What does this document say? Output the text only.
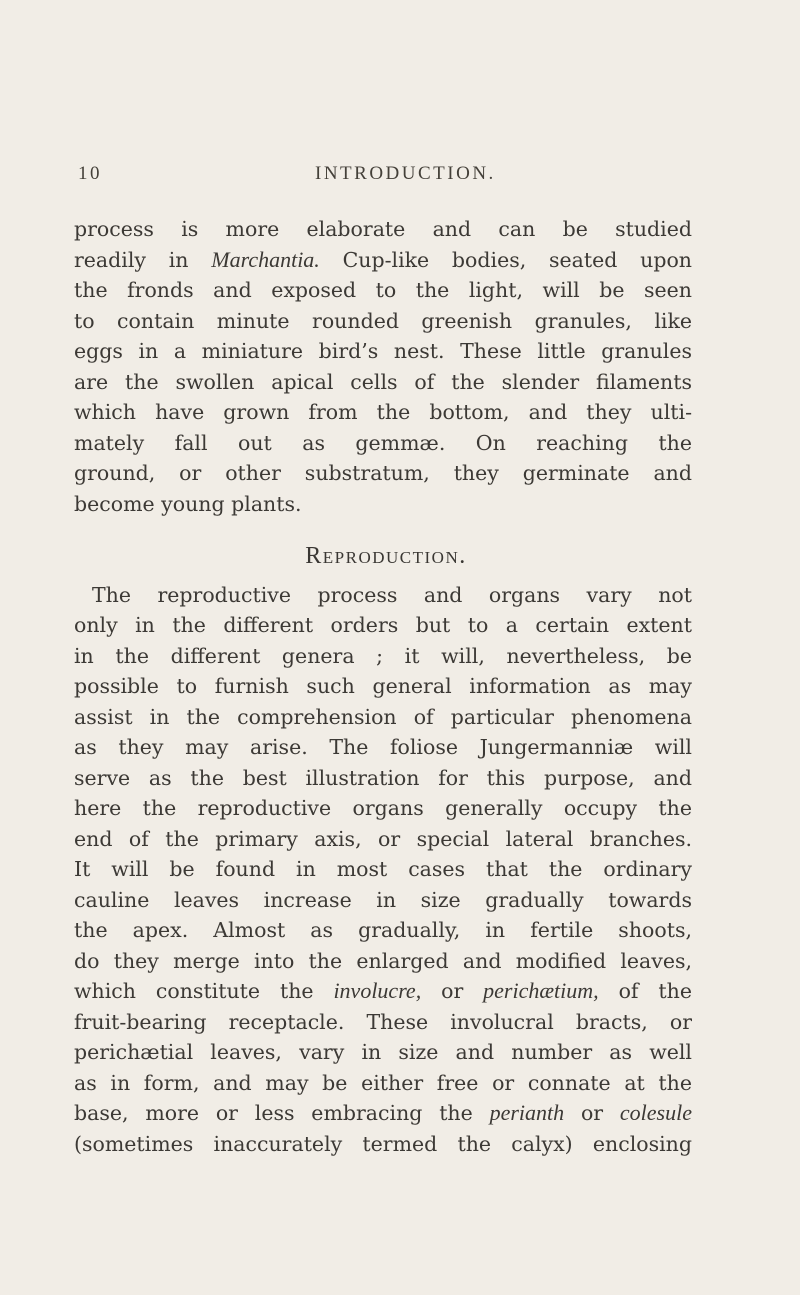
10	INTRODUCTION.
process is more elaborate and can be studied
readily in Marchantia. Cup-like bodies, seated upon
the fronds and exposed to the light, will be seen
to contain minute rounded greenish granules, like
eggs in a miniature bird’s nest. These little granules
are the swollen apical cells of the slender filaments
which have grown from the bottom, and they ulti-
mately fall out as gemmæ. On reaching the
ground, or other substratum, they germinate and
become young plants.
Reproduction.
The reproductive process and organs vary not
only in the different orders but to a certain extent
in the different genera ; it will, nevertheless, be
possible to furnish such general information as may
assist in the comprehension of particular phenomena
as they may arise. The foliose Jungermanniæ will
serve as the best illustration for this purpose, and
here the reproductive organs generally occupy the
end of the primary axis, or special lateral branches.
It will be found in most cases that the ordinary
cauline leaves increase in size gradually towards
the apex. Almost as gradually, in fertile shoots,
do they merge into the enlarged and modified leaves,
which constitute the involucre, or perichætium, of the
fruit-bearing receptacle. These involucral bracts, or
perichætial leaves, vary in size and number as well
as in form, and may be either free or connate at the
base, more or less embracing the perianth or colesule
(sometimes inaccurately termed the calyx) enclosing
